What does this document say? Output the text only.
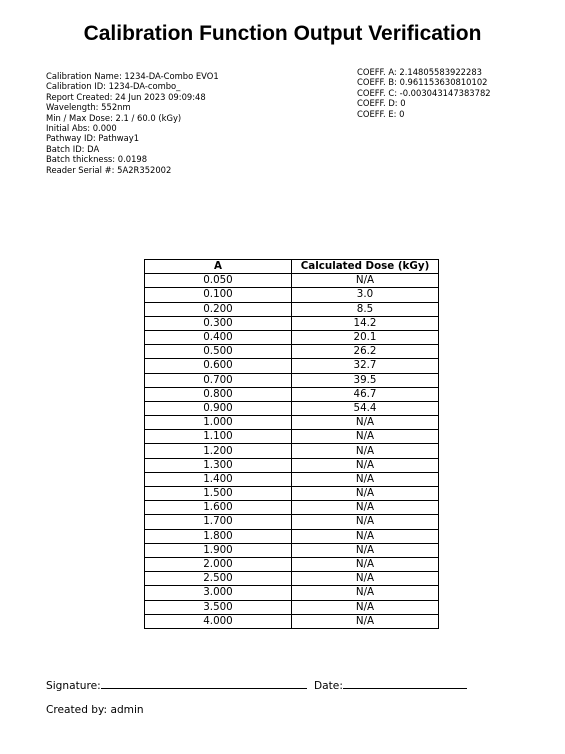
Calibration Function Output Verification
Calibration Name: 1234-DA-Combo EVO1
Calibration ID: 1234-DA-combo_
Report Created: 24 Jun 2023 09:09:48
Wavelength: 552nm
Min / Max Dose: 2.1 / 60.0 (kGy)
Initial Abs: 0.000
Pathway ID: Pathway1
Batch ID: DA
Batch thickness: 0.0198
Reader Serial #: 5A2R352002
COEFF. A: 2.14805583922283
COEFF. B: 0.961153630810102
COEFF. C: -0.003043147383782
COEFF. D: 0
COEFF. E: 0
A	Calculated Dose (kGy)
0.050	N/A
0.100	3.0
0.200	8.5
0.300	14.2
0.400	20.1
0.500	26.2
0.600	32.7
0.700	39.5
0.800	46.7
0.900	54.4
1.000	N/A
1.100	N/A
1.200	N/A
1.300	N/A
1.400	N/A
1.500	N/A
1.600	N/A
1.700	N/A
1.800	N/A
1.900	N/A
2.000	N/A
2.500	N/A
3.000	N/A
3.500	N/A
4.000	N/A
Signature:	Date:
Created by: admin
